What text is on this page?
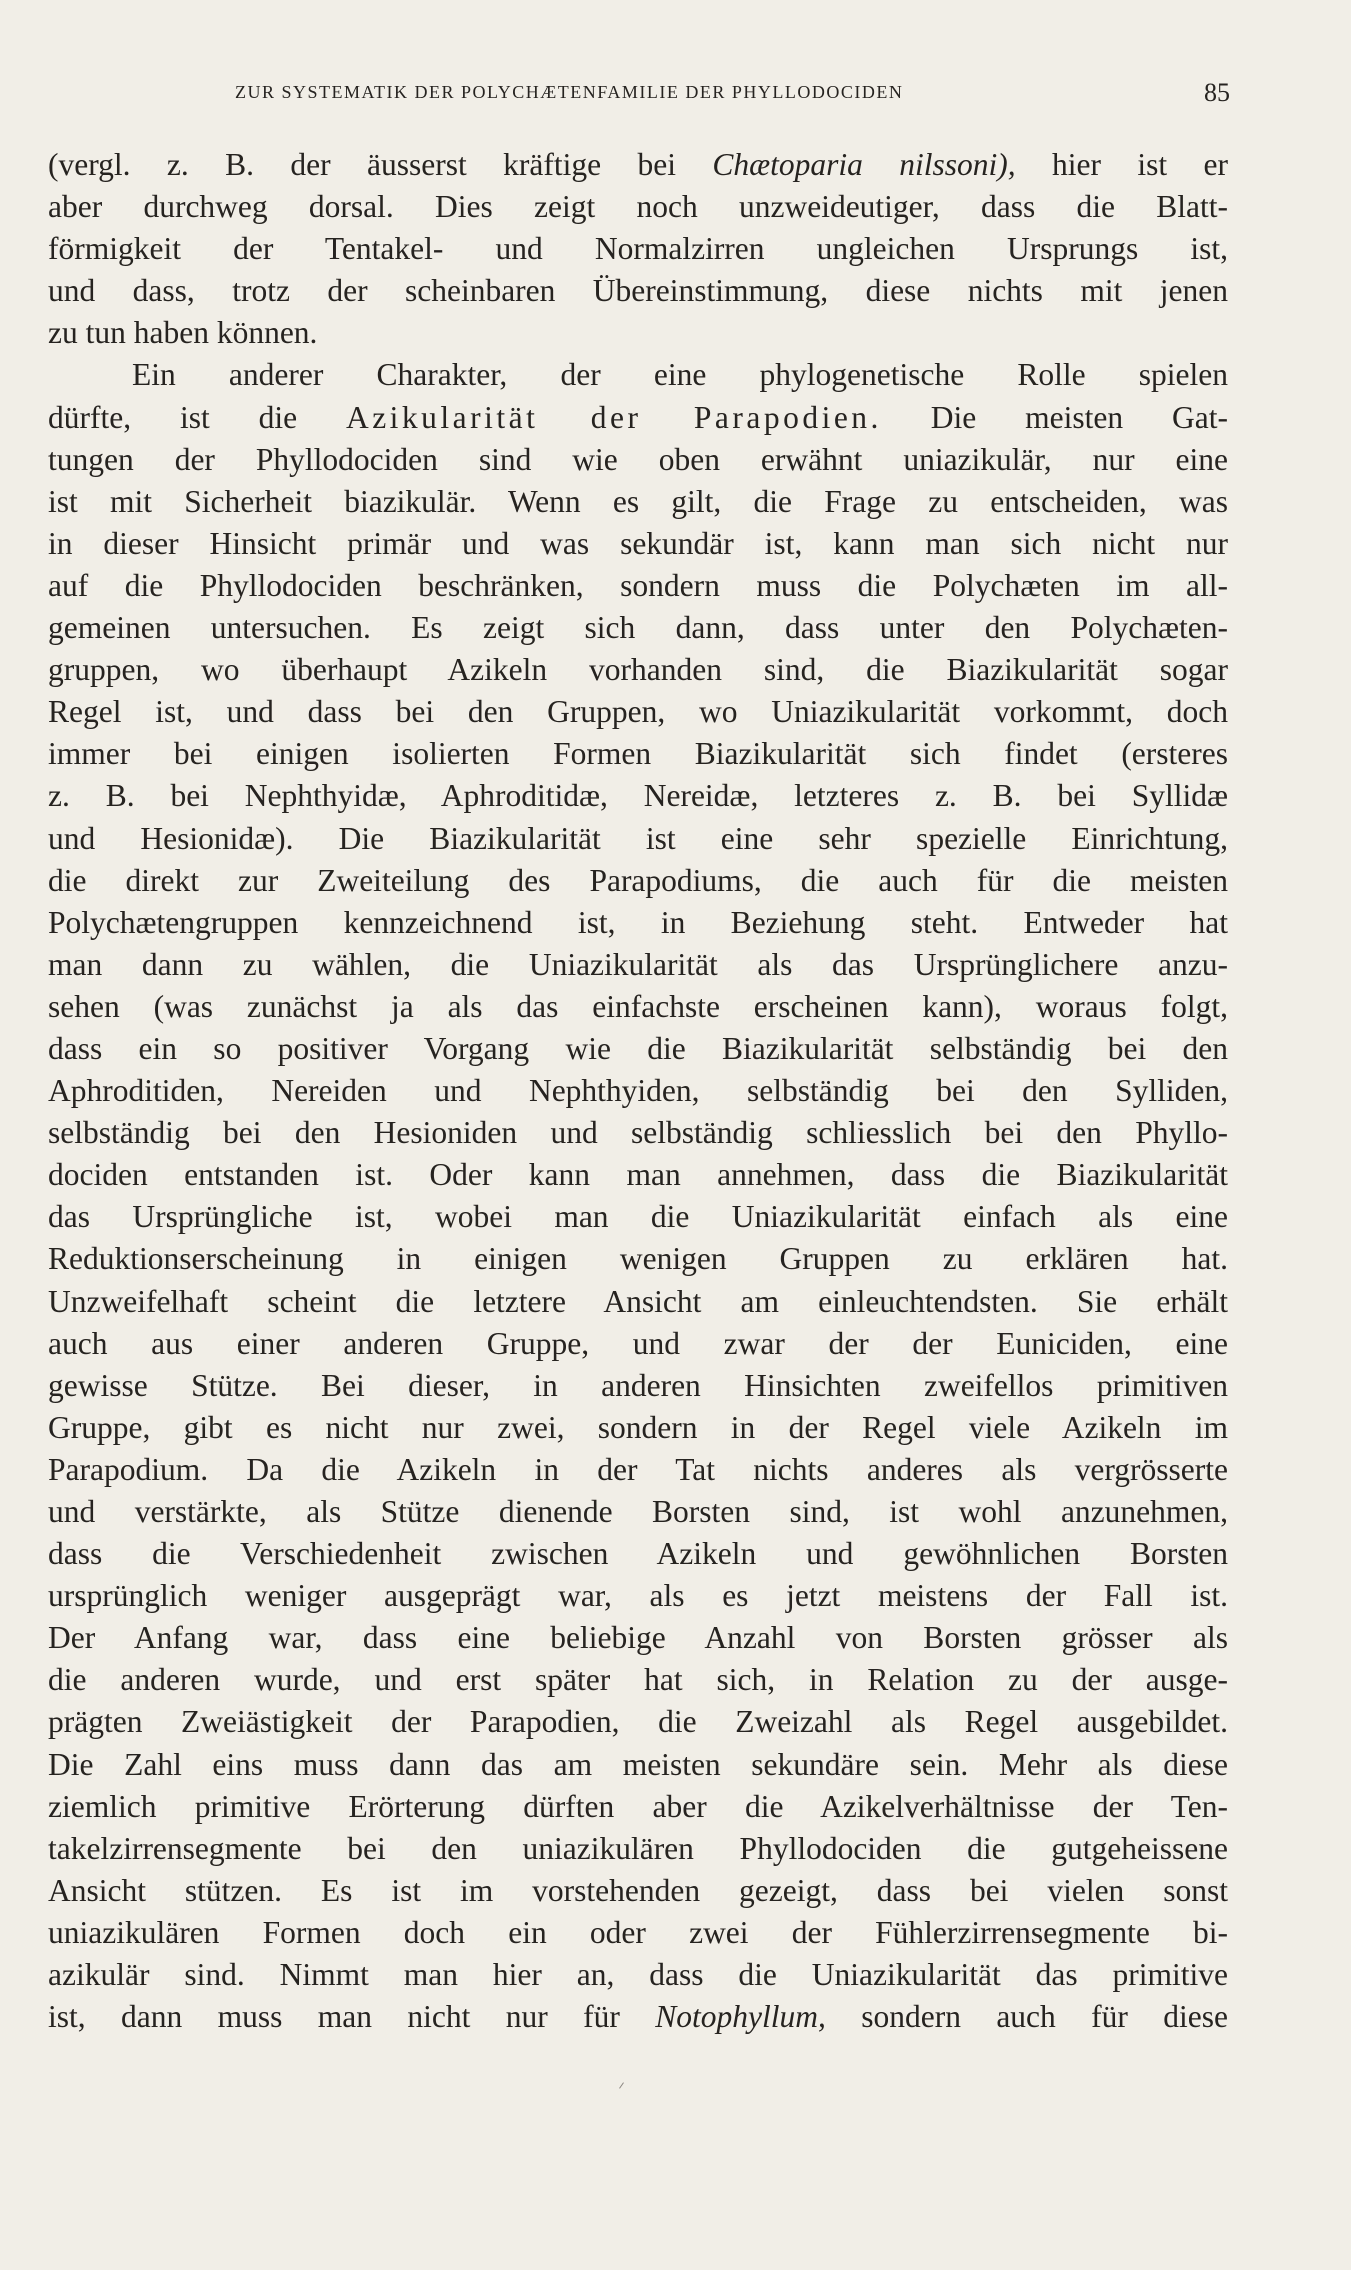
ZUR SYSTEMATIK DER POLYCHÆTENFAMILIE DER PHYLLODOCIDEN	85
(vergl. z. B. der äusserst kräftige bei Chætoparia nilssoni), hier ist er
aber durchweg dorsal. Dies zeigt noch unzweideutiger, dass die Blatt-
förmigkeit der Tentakel- und Normalzirren ungleichen Ursprungs ist,
und dass, trotz der scheinbaren Übereinstimmung, diese nichts mit jenen
zu tun haben können.
Ein anderer Charakter, der eine phylogenetische Rolle spielen
dürfte, ist die Azikularität der Parapodien. Die meisten Gat-
tungen der Phyllodociden sind wie oben erwähnt uniazikulär, nur eine
ist mit Sicherheit biazikulär. Wenn es gilt, die Frage zu entscheiden, was
in dieser Hinsicht primär und was sekundär ist, kann man sich nicht nur
auf die Phyllodociden beschränken, sondern muss die Polychæten im all-
gemeinen untersuchen. Es zeigt sich dann, dass unter den Polychæten-
gruppen, wo überhaupt Azikeln vorhanden sind, die Biazikularität sogar
Regel ist, und dass bei den Gruppen, wo Uniazikularität vorkommt, doch
immer bei einigen isolierten Formen Biazikularität sich findet (ersteres
z. B. bei Nephthyidæ, Aphroditidæ, Nereidæ, letzteres z. B. bei Syllidæ
und Hesionidæ). Die Biazikularität ist eine sehr spezielle Einrichtung,
die direkt zur Zweiteilung des Parapodiums, die auch für die meisten
Polychætengruppen kennzeichnend ist, in Beziehung steht. Entweder hat
man dann zu wählen, die Uniazikularität als das Ursprünglichere anzu-
sehen (was zunächst ja als das einfachste erscheinen kann), woraus folgt,
dass ein so positiver Vorgang wie die Biazikularität selbständig bei den
Aphroditiden, Nereiden und Nephthyiden, selbständig bei den Sylliden,
selbständig bei den Hesioniden und selbständig schliesslich bei den Phyllo-
dociden entstanden ist. Oder kann man annehmen, dass die Biazikularität
das Ursprüngliche ist, wobei man die Uniazikularität einfach als eine
Reduktionserscheinung in einigen wenigen Gruppen zu erklären hat.
Unzweifelhaft scheint die letztere Ansicht am einleuchtendsten. Sie erhält
auch aus einer anderen Gruppe, und zwar der der Euniciden, eine
gewisse Stütze. Bei dieser, in anderen Hinsichten zweifellos primitiven
Gruppe, gibt es nicht nur zwei, sondern in der Regel viele Azikeln im
Parapodium. Da die Azikeln in der Tat nichts anderes als vergrösserte
und verstärkte, als Stütze dienende Borsten sind, ist wohl anzunehmen,
dass die Verschiedenheit zwischen Azikeln und gewöhnlichen Borsten
ursprünglich weniger ausgeprägt war, als es jetzt meistens der Fall ist.
Der Anfang war, dass eine beliebige Anzahl von Borsten grösser als
die anderen wurde, und erst später hat sich, in Relation zu der ausge-
prägten Zweiästigkeit der Parapodien, die Zweizahl als Regel ausgebildet.
Die Zahl eins muss dann das am meisten sekundäre sein. Mehr als diese
ziemlich primitive Erörterung dürften aber die Azikelverhältnisse der Ten-
takelzirrensegmente bei den uniazikulären Phyllodociden die gutgeheissene
Ansicht stützen. Es ist im vorstehenden gezeigt, dass bei vielen sonst
uniazikulären Formen doch ein oder zwei der Fühlerzirrensegmente bi-
azikulär sind. Nimmt man hier an, dass die Uniazikularität das primitive
ist, dann muss man nicht nur für Notophyllum, sondern auch für diese
